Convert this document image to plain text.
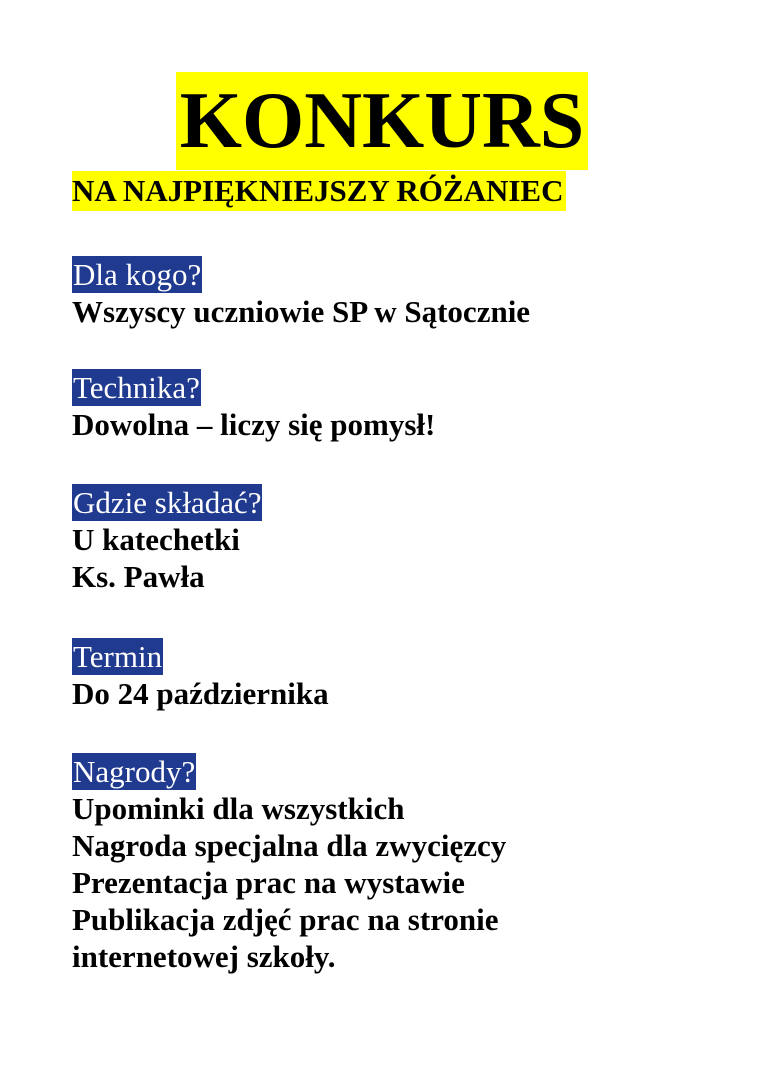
KONKURS
NA NAJPIĘKNIEJSZY RÓŻANIEC
Dla kogo?
Wszyscy uczniowie SP w Sątocznie
Technika?
Dowolna – liczy się pomysł!
Gdzie składać?
U katechetki
Ks. Pawła
Termin
Do 24 października
Nagrody?
Upominki dla wszystkich
Nagroda specjalna dla zwycięzcy
Prezentacja prac na wystawie
Publikacja zdjęć prac na stronie
internetowej szkoły.
